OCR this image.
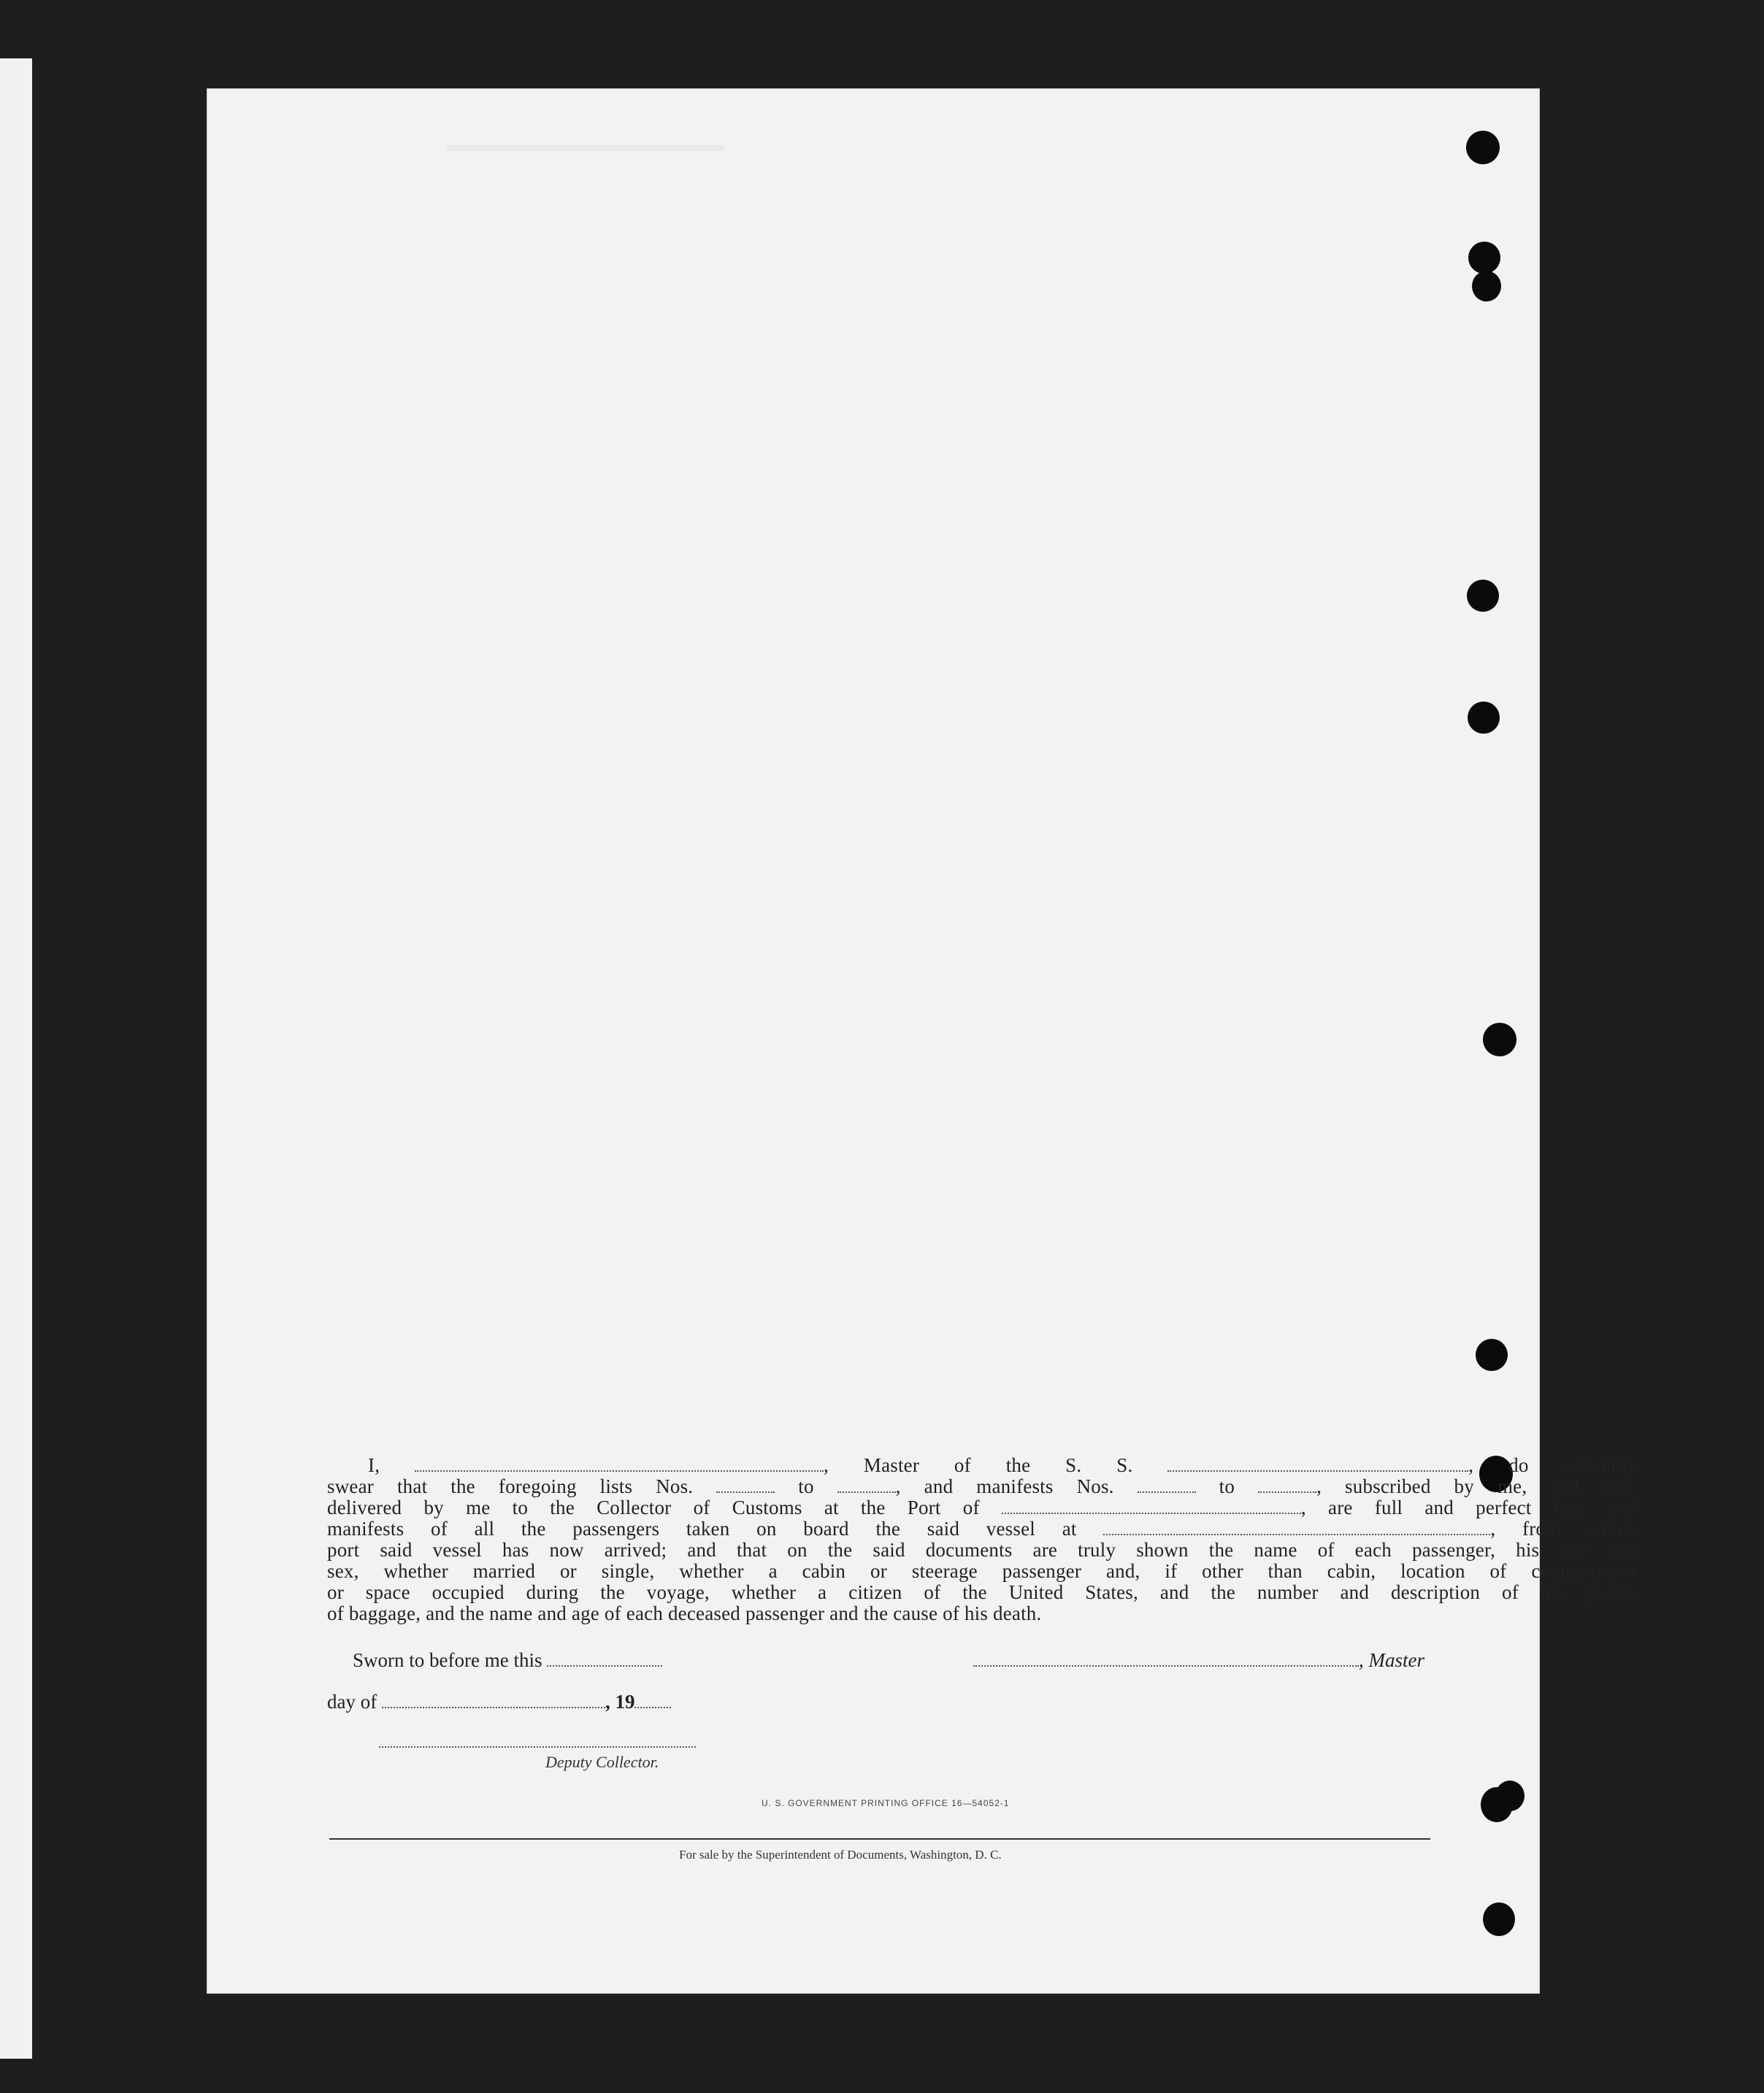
I,	, Master of the S. S.	, do solemnly
swear that the foregoing lists Nos.	to	, and manifests Nos.	to	, subscribed by me, and now
delivered by me to the Collector of Customs at the Port of	, are full and perfect lists and
manifests of all the passengers taken on board the said vessel at	, from which
port said vessel has now arrived; and that on the said documents are truly shown the name of each passenger, his age and
sex, whether married or single, whether a cabin or steerage passenger and, if other than cabin, location of compartment
or space occupied during the voyage, whether a citizen of the United States, and the number and description of the pieces
of baggage, and the name and age of each deceased passenger and the cause of his death.
Sworn to before me this	, Master
day of	, 19
Deputy Collector.
U. S. GOVERNMENT PRINTING OFFICE 16—54052-1
For sale by the Superintendent of Documents, Washington, D. C.
